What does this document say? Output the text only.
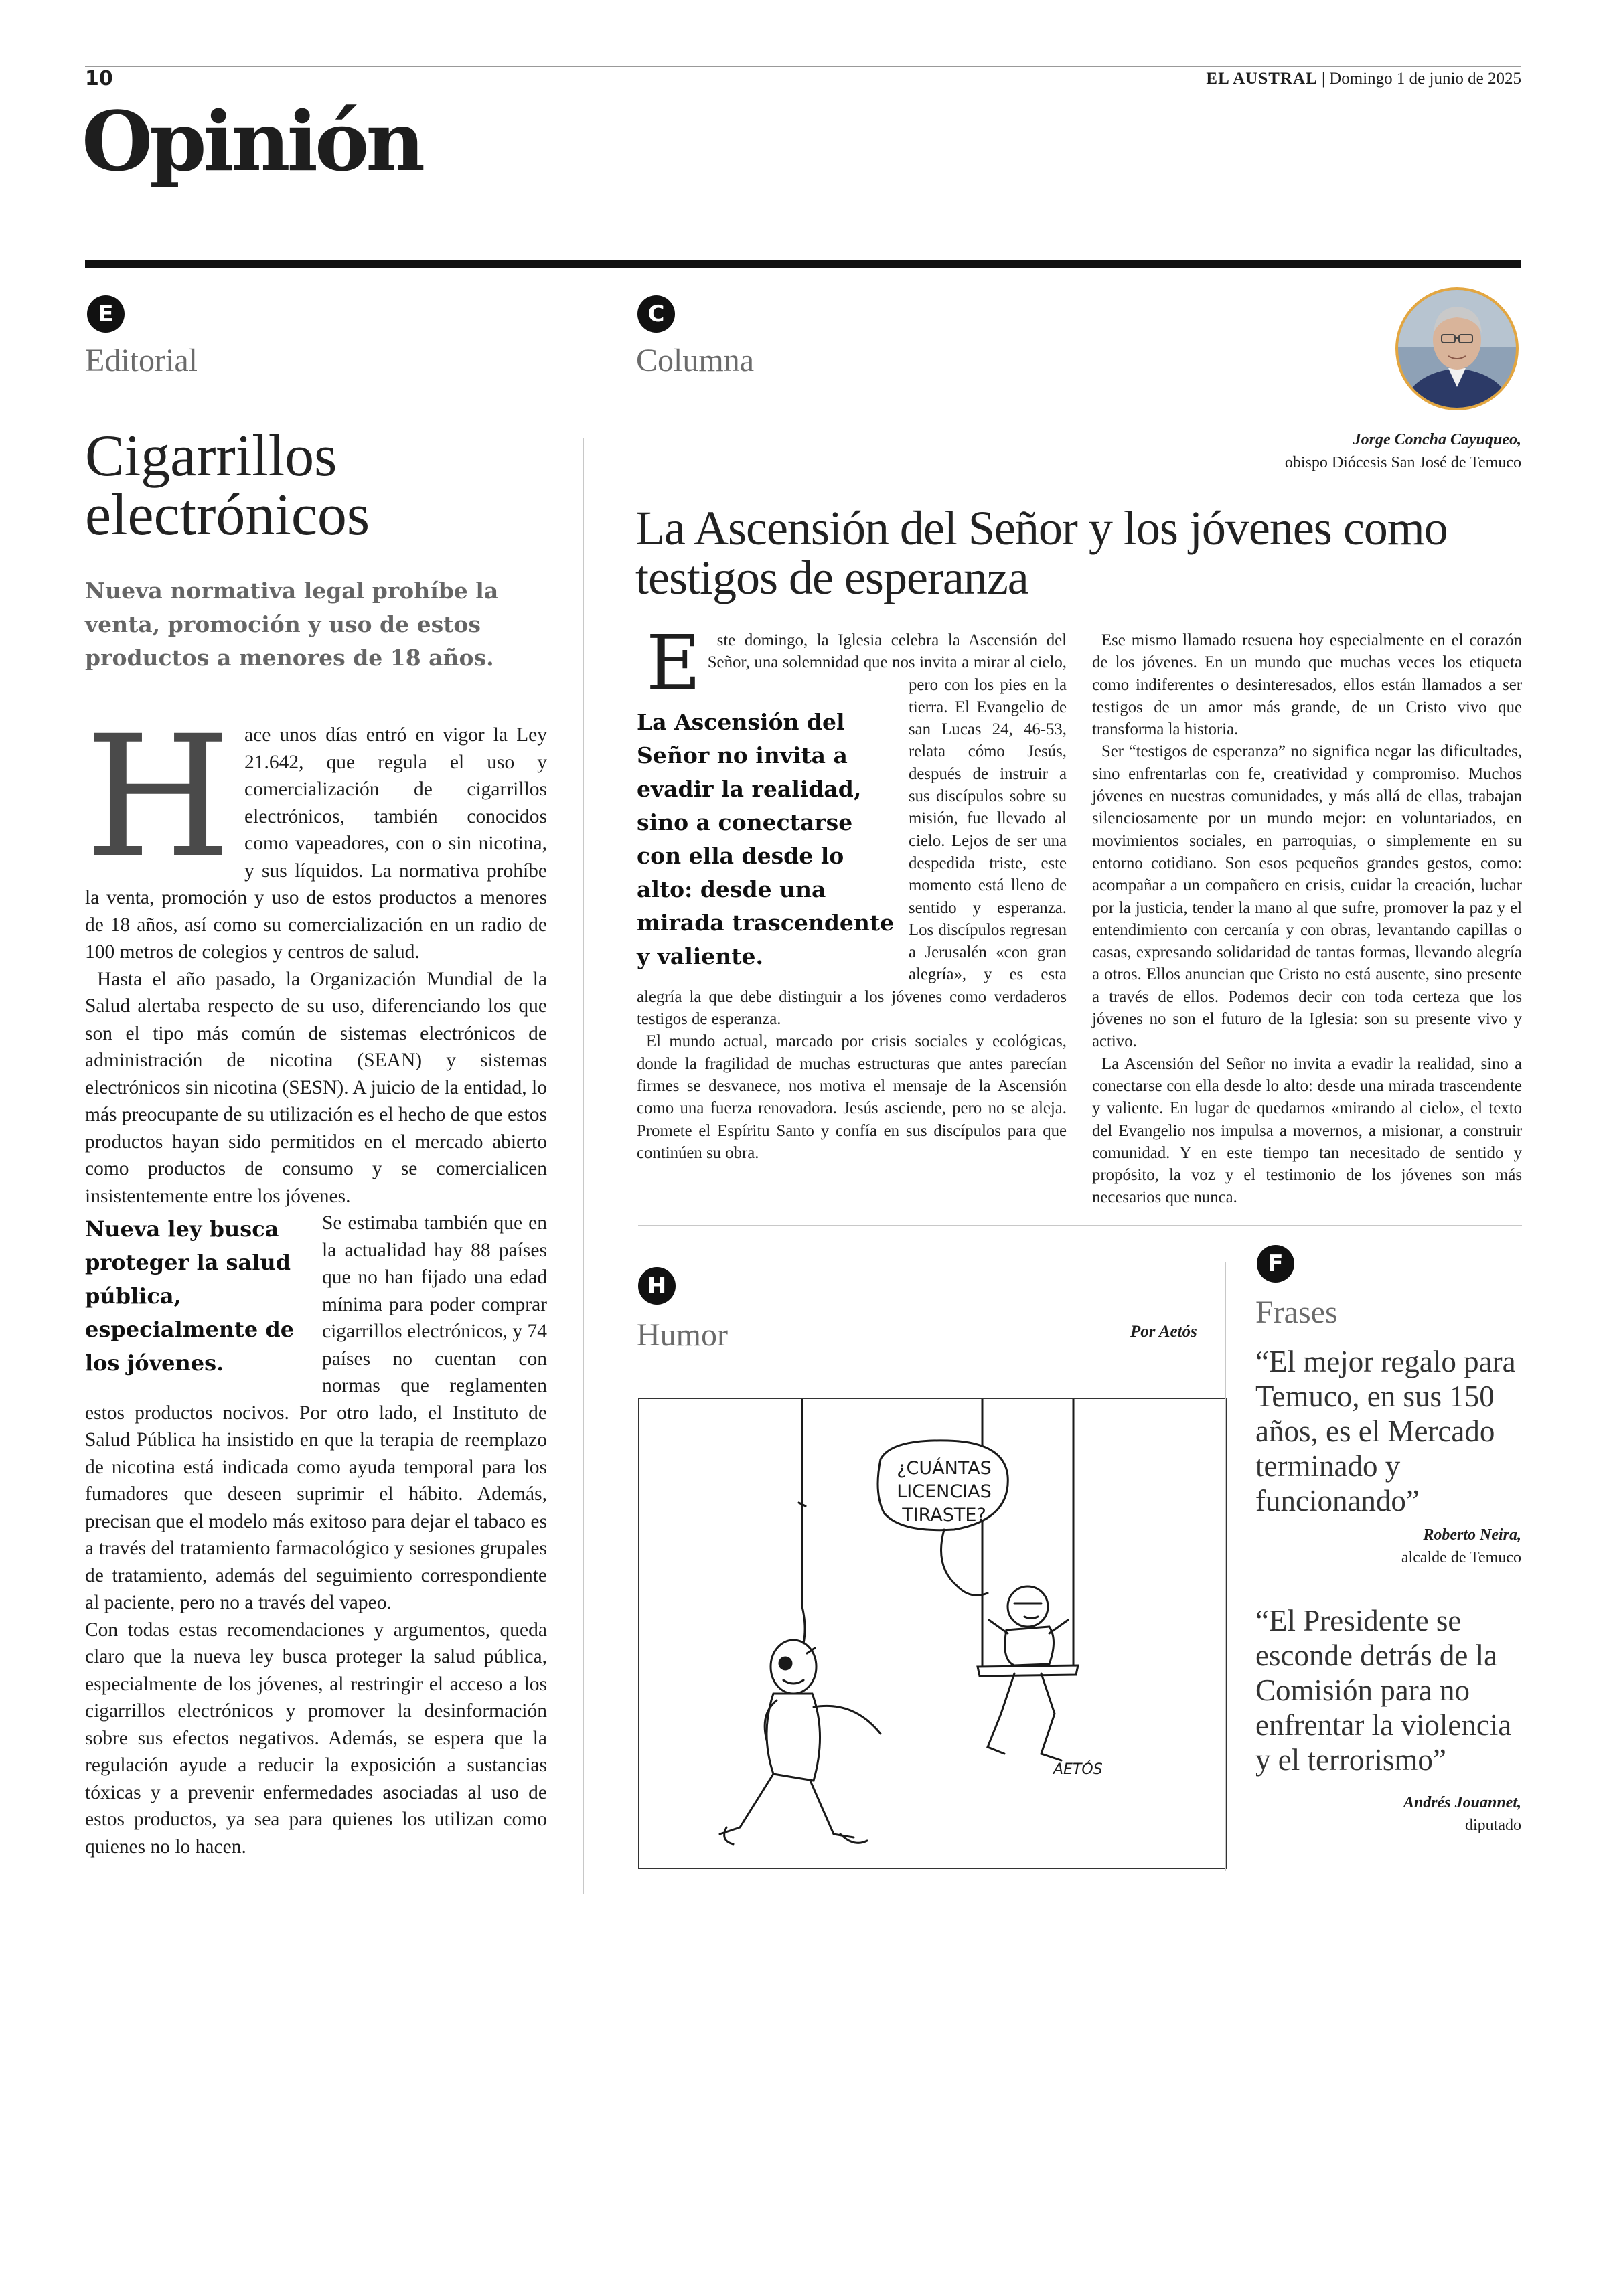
10	EL AUSTRAL | Domingo 1 de junio de 2025
Opinión
E
Editorial
Cigarrillos electrónicos
Nueva normativa legal prohíbe la venta, promoción y uso de estos productos a menores de 18 años.

Hace unos días entró en vigor la Ley 21.642, que regula el uso y comercialización de cigarrillos electrónicos, también conocidos como vapeadores, con o sin nicotina, y sus líquidos. La normativa prohíbe la venta, promoción y uso de estos productos a menores de 18 años, así como su comercialización en un radio de 100 metros de colegios y centros de salud.

Hasta el año pasado, la Organización Mundial de la Salud alertaba respecto de su uso, diferenciando los que son el tipo más común de sistemas electrónicos de administración de nicotina (SEAN) y sistemas electrónicos sin nicotina (SESN). A juicio de la entidad, lo más preocupante de su utilización es el hecho de que estos productos hayan sido permitidos en el mercado abierto como productos de consumo y se comercialicen insistentemente entre los jóvenes.

Nueva ley busca proteger la salud pública, especialmente de los jóvenes.
Se estimaba también que en la actualidad hay 88 países que no han fijado una edad mínima para poder comprar cigarrillos electrónicos, y 74 países no cuentan con normas que reglamenten estos productos nocivos. Por otro lado, el Instituto de Salud Pública ha insistido en que la terapia de reemplazo de nicotina está indicada como ayuda temporal para los fumadores que deseen suprimir el hábito. Además, precisan que el modelo más exitoso para dejar el tabaco es a través del tratamiento farmacológico y sesiones grupales de tratamiento, además del seguimiento correspondiente al paciente, pero no a través del vapeo.

Con todas estas recomendaciones y argumentos, queda claro que la nueva ley busca proteger la salud pública, especialmente de los jóvenes, al restringir el acceso a los cigarrillos electrónicos y promover la desinformación sobre sus efectos negativos. Además, se espera que la regulación ayude a reducir la exposición a sustancias tóxicas y a prevenir enfermedades asociadas al uso de estos productos, ya sea para quienes los utilizan como quienes no lo hacen.

C
Columna
Jorge Concha Cayuqueo,
obispo Diócesis San José de Temuco
La Ascensión del Señor y los jóvenes como testigos de esperanza

E
La Ascensión del Señor no invita a evadir la realidad, sino a conectarse con ella desde lo alto: desde una mirada trascendente y valiente.
ste domingo, la Iglesia celebra la Ascensión del Señor, una solemnidad que nos invita a mirar al cielo, pero con los pies en la tierra. El Evangelio de san Lucas 24, 46-53, relata cómo Jesús, después de instruir a sus discípulos sobre su misión, fue llevado al cielo. Lejos de ser una despedida triste, este momento está lleno de sentido y esperanza. Los discípulos regresan a Jerusalén «con gran alegría», y es esta alegría la que debe distinguir a los jóvenes como verdaderos testigos de esperanza.

El mundo actual, marcado por crisis sociales y ecológicas, donde la fragilidad de muchas estructuras que antes parecían firmes se desvanece, nos motiva el mensaje de la Ascensión como una fuerza renovadora. Jesús asciende, pero no se aleja. Promete el Espíritu Santo y confía en sus discípulos para que continúen su obra.

Ese mismo llamado resuena hoy especialmente en el corazón de los jóvenes. En un mundo que muchas veces los etiqueta como indiferentes o desinteresados, ellos están llamados a ser testigos de un amor más grande, de un Cristo vivo que transforma la historia.

Ser “testigos de esperanza” no significa negar las dificultades, sino enfrentarlas con fe, creatividad y compromiso. Muchos jóvenes en nuestras comunidades, y más allá de ellas, trabajan silenciosamente por un mundo mejor: en voluntariados, en movimientos sociales, en parroquias, o simplemente en su entorno cotidiano. Son esos pequeños grandes gestos, como: acompañar a un compañero en crisis, cuidar la creación, luchar por la justicia, tender la mano al que sufre, promover la paz y el entendimiento con cercanía y con obras, levantando capillas o casas, expresando solidaridad de tantas formas, llevando alegría a otros. Ellos anuncian que Cristo no está ausente, sino presente a través de ellos. Podemos decir con toda certeza que los jóvenes no son el futuro de la Iglesia: son su presente vivo y activo.

La Ascensión del Señor no invita a evadir la realidad, sino a conectarse con ella desde lo alto: desde una mirada trascendente y valiente. En lugar de quedarnos «mirando al cielo», el texto del Evangelio nos impulsa a movernos, a misionar, a construir comunidad. Y en este tiempo tan necesitado de sentido y propósito, la voz y el testimonio de los jóvenes son más necesarios que nunca.

H
Humor	Por Aetós
¿CUÁNTAS
LICENCIAS
TIRASTE?
AETÓS
F
Frases
“El mejor regalo para Temuco, en sus 150 años, es el Mercado terminado y funcionando”
Roberto Neira,
alcalde de Temuco
“El Presidente se esconde detrás de la Comisión para no enfrentar la violencia y el terrorismo”
Andrés Jouannet,
diputado
